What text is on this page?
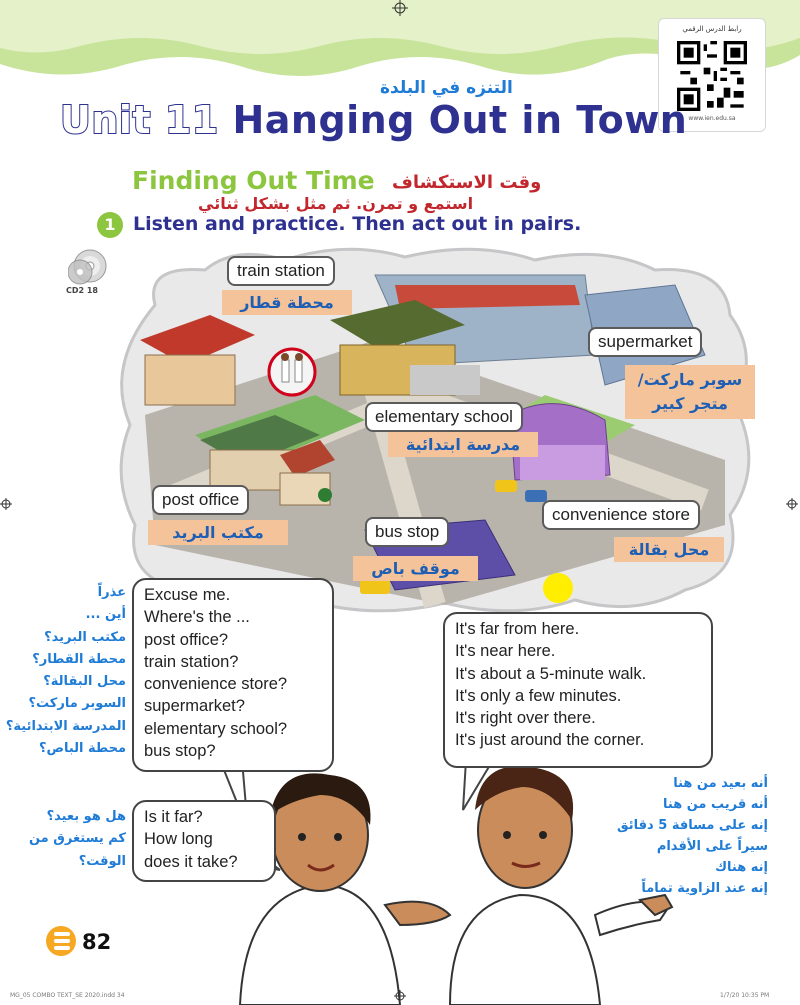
رابط الدرس الرقمي
www.ien.edu.sa
التنزه في البلدة
Unit 11 Hanging Out in Town
Finding Out Time وقت الاستكشاف
استمع و تمرن. ثم مثل بشكل ثنائي
1 Listen and practice. Then act out in pairs.
CD2 18
train station
محطة قطار
supermarket
سوبر ماركت/
متجر كبير
elementary school
مدرسة ابتدائية
post office
مكتب البريد	bus stop
موقف باص
convenience store
محل بقالة
Excuse me.
Where's the ...
post office?
train station?
convenience store?
supermarket?
elementary school?
bus stop?
عذراً
أين ...
مكتب البريد؟
محطة القطار؟
محل البقالة؟
السوبر ماركت؟
المدرسة الابتدائية؟
محطة الباص؟
It's far from here.
It's near here.
It's about a 5-minute walk.
It's only a few minutes.
It's right over there.
It's just around the corner.
أنه بعيد من هنا
أنه قريب من هنا
إنه على مسافة 5 دقائق
سيراً على الأقدام
إنه هناك
إنه عند الزاوية تماماً
Is it far?
How long
does it take?
هل هو بعيد؟
كم يستغرق من
الوقت؟
82
MG_05 COMBO TEXT_SE 2020.indd 34	1/7/20 10:35 PM
